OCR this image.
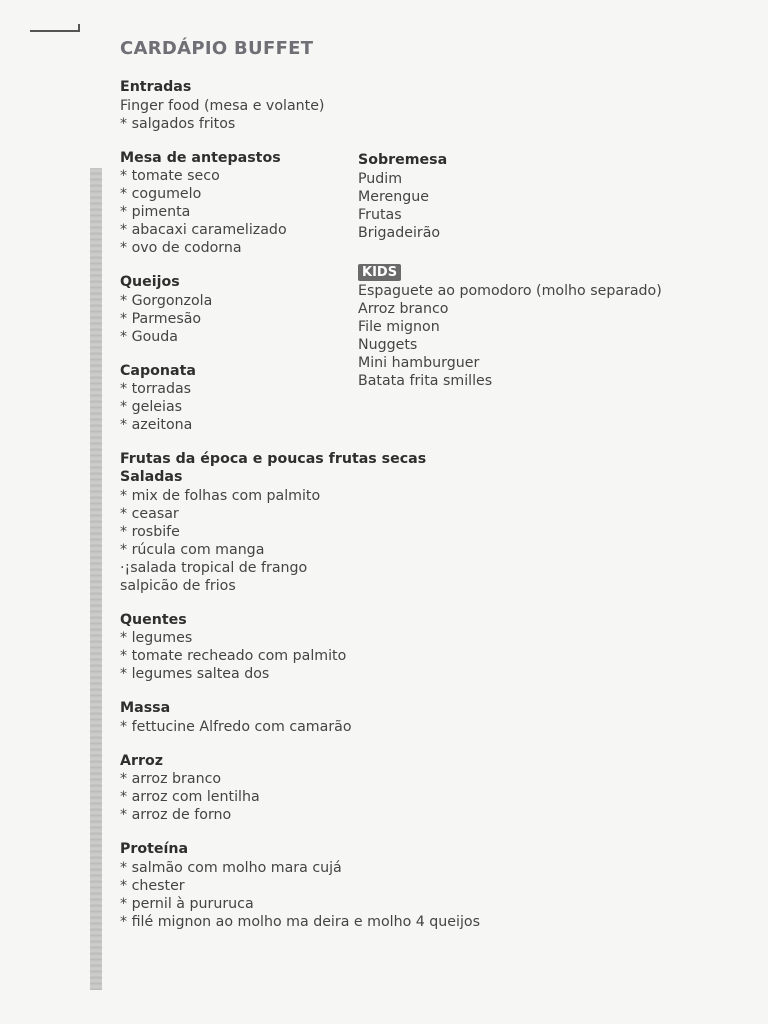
CARDÁPIO BUFFET
Entradas
Finger food (mesa e volante)
* salgados fritos
Mesa de antepastos
* tomate seco
* cogumelo
* pimenta
* abacaxi caramelizado
* ovo de codorna
Queijos
* Gorgonzola
* Parmesão
* Gouda
Caponata
* torradas
* geleias
* azeitona
Frutas da época e poucas frutas secas
Saladas
* mix de folhas com palmito
* ceasar
* rosbife
* rúcula com manga
·¡salada tropical de frango
salpicão de frios
Quentes
* legumes
* tomate recheado com palmito
* legumes saltea dos
Massa
* fettucine Alfredo com camarão
Arroz
* arroz branco
* arroz com lentilha
* arroz de forno
Proteína
* salmão com molho mara cujá
* chester
* pernil à pururuca
* filé mignon ao molho ma deira e molho 4 queijos
Sobremesa
Pudim
Merengue
Frutas
Brigadeirão
KIDS
Espaguete ao pomodoro (molho separado)
Arroz branco
File mignon
Nuggets
Mini hamburguer
Batata frita smilles
